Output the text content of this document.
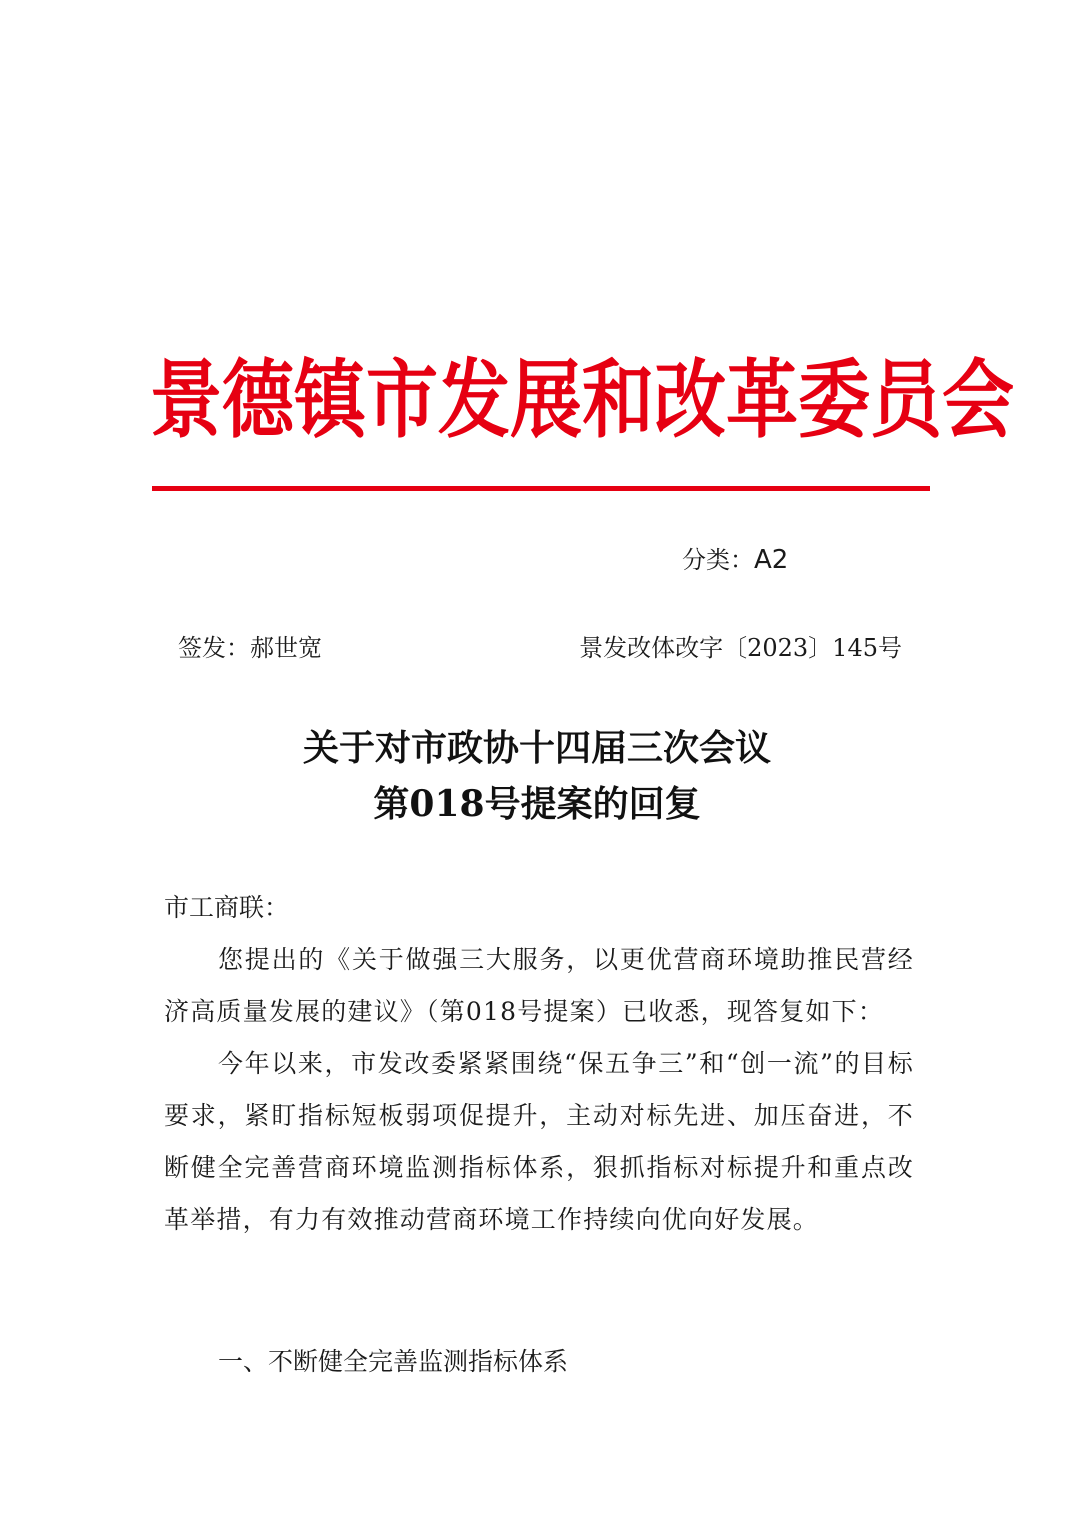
景德镇市发展和改革委员会
分类：A2
签发：郝世宽	景发改体改字〔2023〕145号
关于对市政协十四届三次会议
第018号提案的回复

市工商联：

您提出的《关于做强三大服务，以更优营商环境助推民营经济高质量发展的建议》（第018号提案）已收悉，现答复如下：

今年以来，市发改委紧紧围绕“保五争三”和“创一流”的目标要求，紧盯指标短板弱项促提升，主动对标先进、加压奋进，不断健全完善营商环境监测指标体系，狠抓指标对标提升和重点改革举措，有力有效推动营商环境工作持续向优向好发展。

一、不断健全完善监测指标体系
